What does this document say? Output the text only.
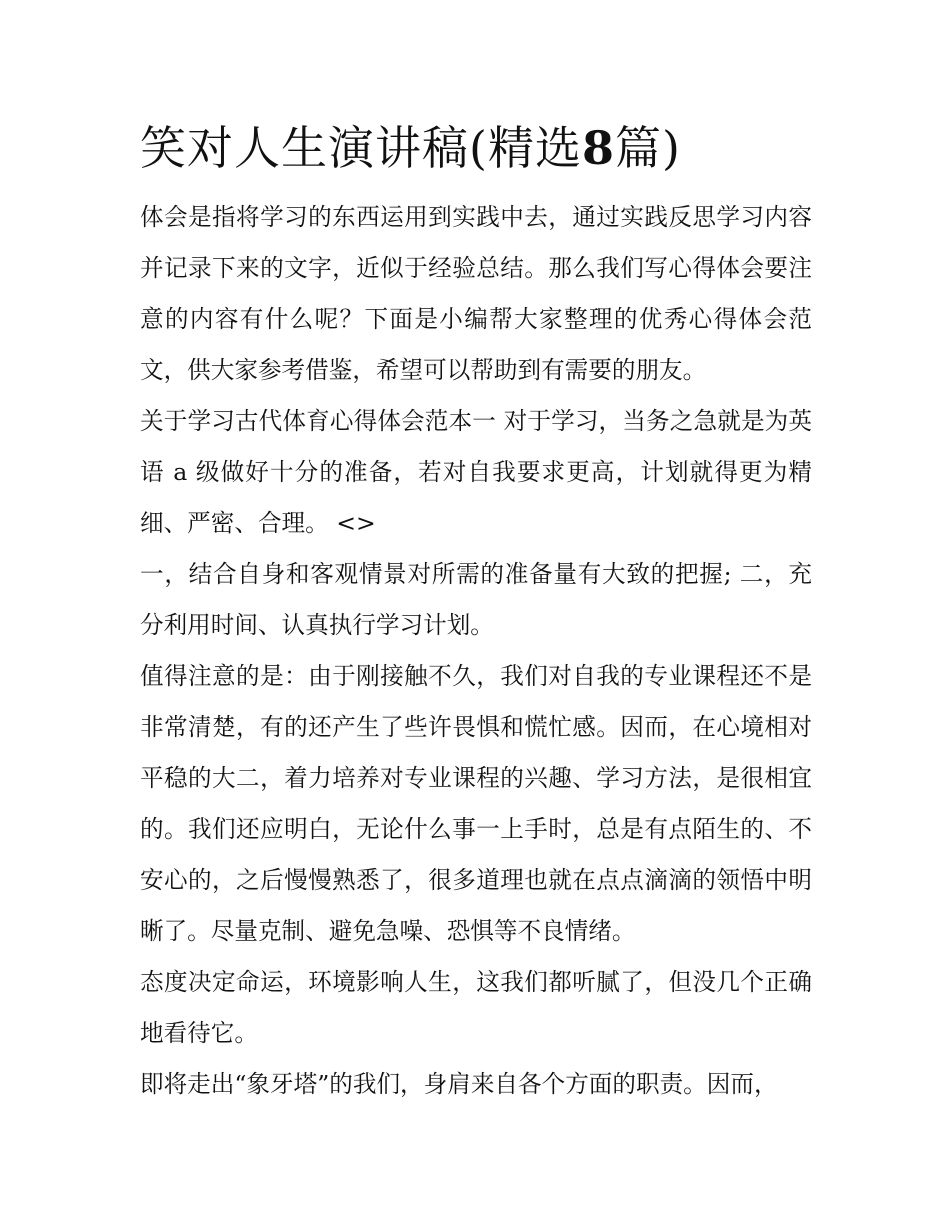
笑对人生演讲稿(精选8篇)

体会是指将学习的东西运用到实践中去，通过实践反思学习内容并记录下来的文字，近似于经验总结。那么我们写心得体会要注意的内容有什么呢？下面是小编帮大家整理的优秀心得体会范文，供大家参考借鉴，希望可以帮助到有需要的朋友。

关于学习古代体育心得体会范本一 对于学习，当务之急就是为英语 a 级做好十分的准备，若对自我要求更高，计划就得更为精细、严密、合理。 <>

一，结合自身和客观情景对所需的准备量有大致的把握; 二，充分利用时间、认真执行学习计划。

值得注意的是：由于刚接触不久，我们对自我的专业课程还不是非常清楚，有的还产生了些许畏惧和慌忙感。因而，在心境相对平稳的大二，着力培养对专业课程的兴趣、学习方法，是很相宜的。我们还应明白，无论什么事一上手时，总是有点陌生的、不安心的，之后慢慢熟悉了，很多道理也就在点点滴滴的领悟中明晰了。尽量克制、避免急噪、恐惧等不良情绪。

态度决定命运，环境影响人生，这我们都听腻了，但没几个正确地看待它。

即将走出“象牙塔”的我们，身肩来自各个方面的职责。因而，
